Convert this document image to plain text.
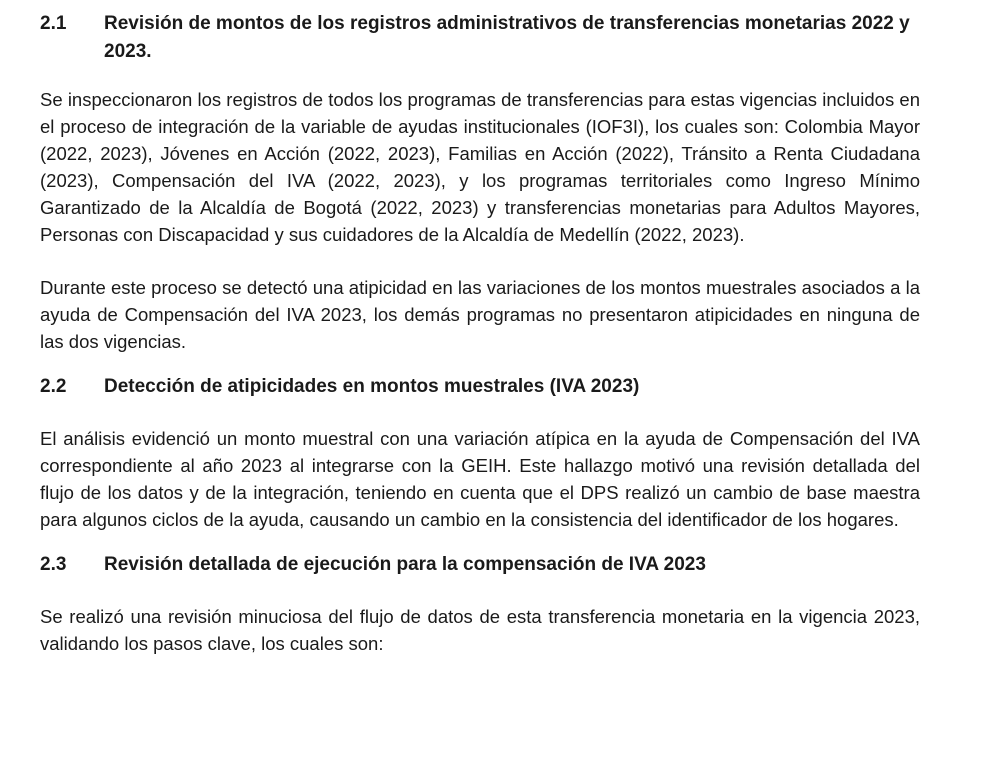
2.1	Revisión de montos de los registros administrativos de transferencias monetarias 2022 y 2023.

Se inspeccionaron los registros de todos los programas de transferencias para estas vigencias incluidos en el proceso de integración de la variable de ayudas institucionales (IOF3I), los cuales son: Colombia Mayor (2022, 2023), Jóvenes en Acción (2022, 2023), Familias en Acción (2022), Tránsito a Renta Ciudadana (2023), Compensación del IVA (2022, 2023), y los programas territoriales como Ingreso Mínimo Garantizado de la Alcaldía de Bogotá (2022, 2023) y transferencias monetarias para Adultos Mayores, Personas con Discapacidad y sus cuidadores de la Alcaldía de Medellín (2022, 2023).

Durante este proceso se detectó una atipicidad en las variaciones de los montos muestrales asociados a la ayuda de Compensación del IVA 2023, los demás programas no presentaron atipicidades en ninguna de las dos vigencias.

2.2	Detección de atipicidades en montos muestrales (IVA 2023)

El análisis evidenció un monto muestral con una variación atípica en la ayuda de Compensación del IVA correspondiente al año 2023 al integrarse con la GEIH. Este hallazgo motivó una revisión detallada del flujo de los datos y de la integración, teniendo en cuenta que el DPS realizó un cambio de base maestra para algunos ciclos de la ayuda, causando un cambio en la consistencia del identificador de los hogares.

2.3	Revisión detallada de ejecución para la compensación de IVA 2023

Se realizó una revisión minuciosa del flujo de datos de esta transferencia monetaria en la vigencia 2023, validando los pasos clave, los cuales son:
